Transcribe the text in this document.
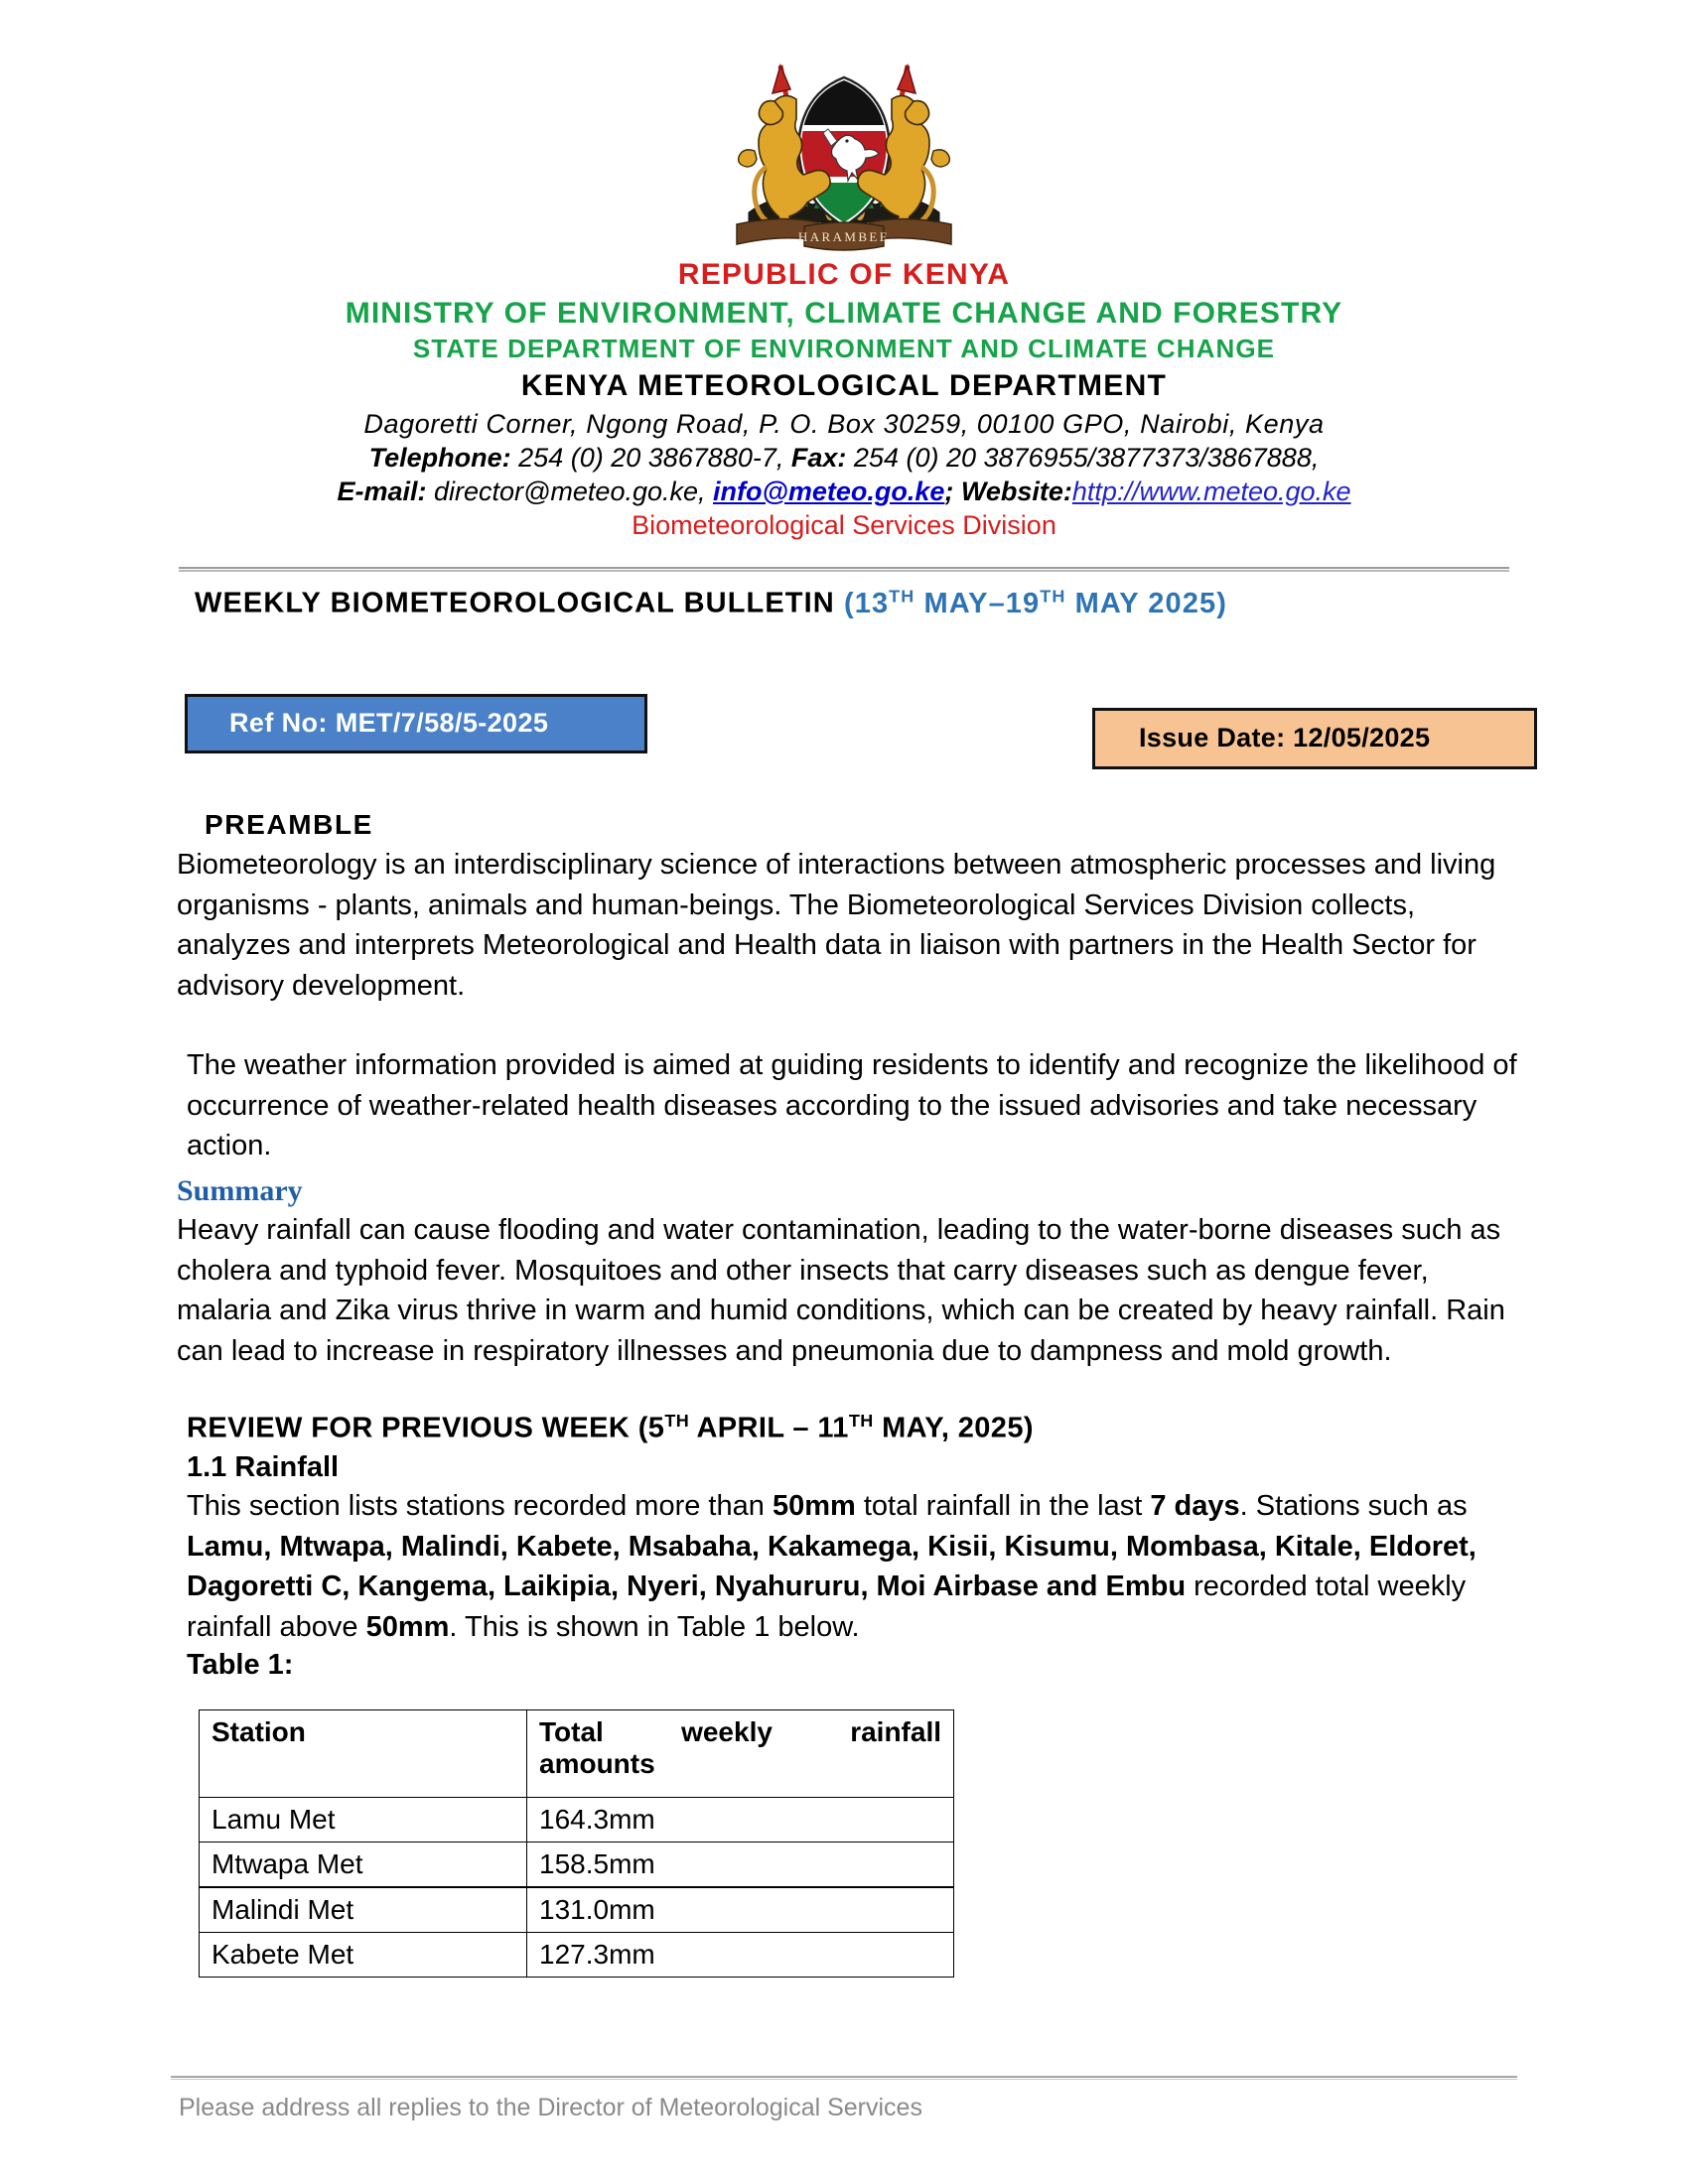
HARAMBEE
REPUBLIC OF KENYA
MINISTRY OF ENVIRONMENT, CLIMATE CHANGE AND FORESTRY
STATE DEPARTMENT OF ENVIRONMENT AND CLIMATE CHANGE
KENYA METEOROLOGICAL DEPARTMENT
Dagoretti Corner, Ngong Road, P. O. Box 30259, 00100 GPO, Nairobi, Kenya
Telephone: 254 (0) 20 3867880-7, Fax: 254 (0) 20 3876955/3877373/3867888,
E-mail: director@meteo.go.ke, info@meteo.go.ke; Website:http://www.meteo.go.ke
Biometeorological Services Division
WEEKLY BIOMETEOROLOGICAL BULLETIN (13TH MAY–19TH MAY 2025)
Ref No: MET/7/58/5-2025	Issue Date: 12/05/2025
PREAMBLE

Biometeorology is an interdisciplinary science of interactions between atmospheric processes and living organisms - plants, animals and human-beings. The Biometeorological Services Division collects, analyzes and interprets Meteorological and Health data in liaison with partners in the Health Sector for advisory development.

The weather information provided is aimed at guiding residents to identify and recognize the likelihood of occurrence of weather-related health diseases according to the issued advisories and take necessary action.

Summary

Heavy rainfall can cause flooding and water contamination, leading to the water-borne diseases such as cholera and typhoid fever. Mosquitoes and other insects that carry diseases such as dengue fever, malaria and Zika virus thrive in warm and humid conditions, which can be created by heavy rainfall. Rain can lead to increase in respiratory illnesses and pneumonia due to dampness and mold growth.

REVIEW FOR PREVIOUS WEEK (5TH APRIL – 11TH MAY, 2025)
1.1 Rainfall

This section lists stations recorded more than 50mm total rainfall in the last 7 days. Stations such as Lamu, Mtwapa, Malindi, Kabete, Msabaha, Kakamega, Kisii, Kisumu, Mombasa, Kitale, Eldoret, Dagoretti C, Kangema, Laikipia, Nyeri, Nyahururu, Moi Airbase and Embu recorded total weekly rainfall above 50mm. This is shown in Table 1 below.

Table 1:
Station	Total weekly rainfall
amounts
Lamu Met	164.3mm
Mtwapa Met	158.5mm
Malindi Met	131.0mm
Kabete Met	127.3mm
Please address all replies to the Director of Meteorological Services
